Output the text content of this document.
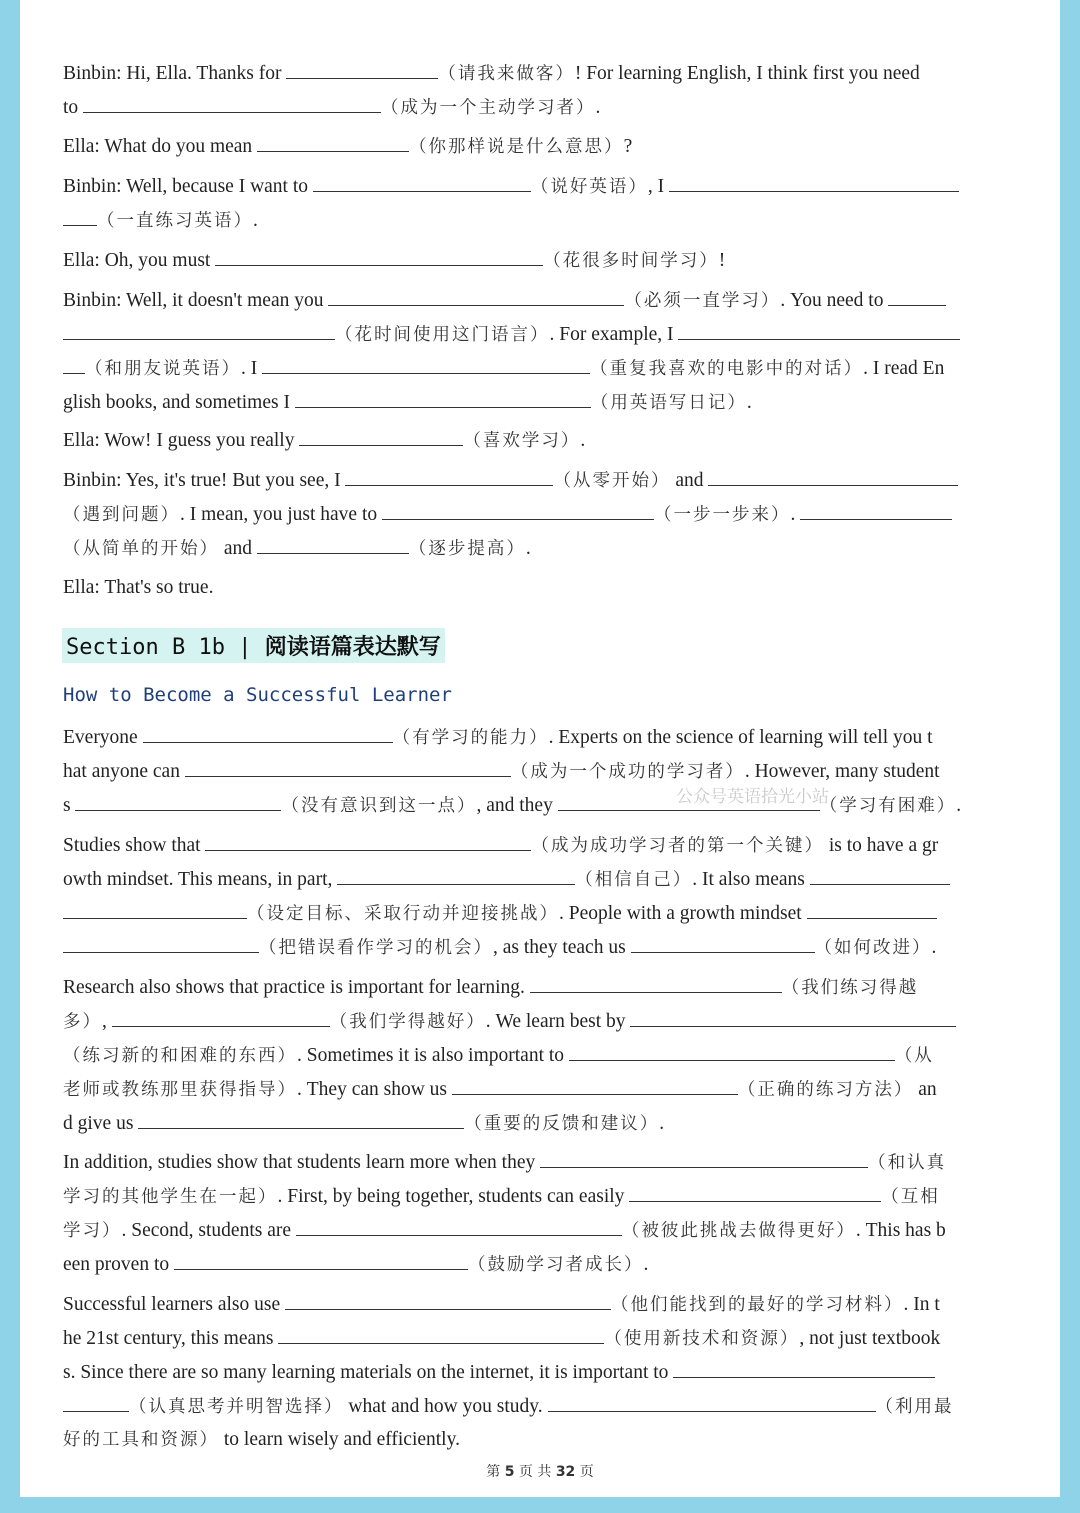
Binbin: Hi, Ella. Thanks for	（请我来做客）! For learning English, I think first you need
to	（成为一个主动学习者）.
Ella: What do you mean	（你那样说是什么意思）?
Binbin: Well, because I want to	（说好英语）, I
（一直练习英语）.
Ella: Oh, you must	（花很多时间学习）!
Binbin: Well, it doesn't mean you	（必须一直学习）. You need to
（花时间使用这门语言）. For example, I
（和朋友说英语）. I	（重复我喜欢的电影中的对话）. I read En
glish books, and sometimes I	（用英语写日记）.
Ella: Wow! I guess you really	（喜欢学习）.
Binbin: Yes, it's true! But you see, I	（从零开始） and
（遇到问题）. I mean, you just have to	（一步一步来）.
（从简单的开始） and	（逐步提高）.
Ella: That's so true.
Section B 1b | 阅读语篇表达默写
How to Become a Successful Learner
Everyone	（有学习的能力）. Experts on the science of learning will tell you t
hat anyone can	（成为一个成功的学习者）. However, many student
s	（没有意识到这一点）, and they	（学习有困难）.
Studies show that	（成为成功学习者的第一个关键） is to have a gr
owth mindset. This means, in part,	（相信自己）. It also means
（设定目标、采取行动并迎接挑战）. People with a growth mindset
（把错误看作学习的机会）, as they teach us	（如何改进）.
Research also shows that practice is important for learning.	（我们练习得越
多）,	（我们学得越好）. We learn best by
（练习新的和困难的东西）. Sometimes it is also important to	（从
老师或教练那里获得指导）. They can show us	（正确的练习方法） an
d give us	（重要的反馈和建议）.
In addition, studies show that students learn more when they	（和认真
学习的其他学生在一起）. First, by being together, students can easily	（互相
学习）. Second, students are	（被彼此挑战去做得更好）. This has b
een proven to	（鼓励学习者成长）.
Successful learners also use	（他们能找到的最好的学习材料）. In t
he 21st century, this means	（使用新技术和资源）, not just textbook
s. Since there are so many learning materials on the internet, it is important to
（认真思考并明智选择） what and how you study.	（利用最
好的工具和资源） to learn wisely and efficiently.
公众号英语拾光小站
第 5 页 共 32 页
